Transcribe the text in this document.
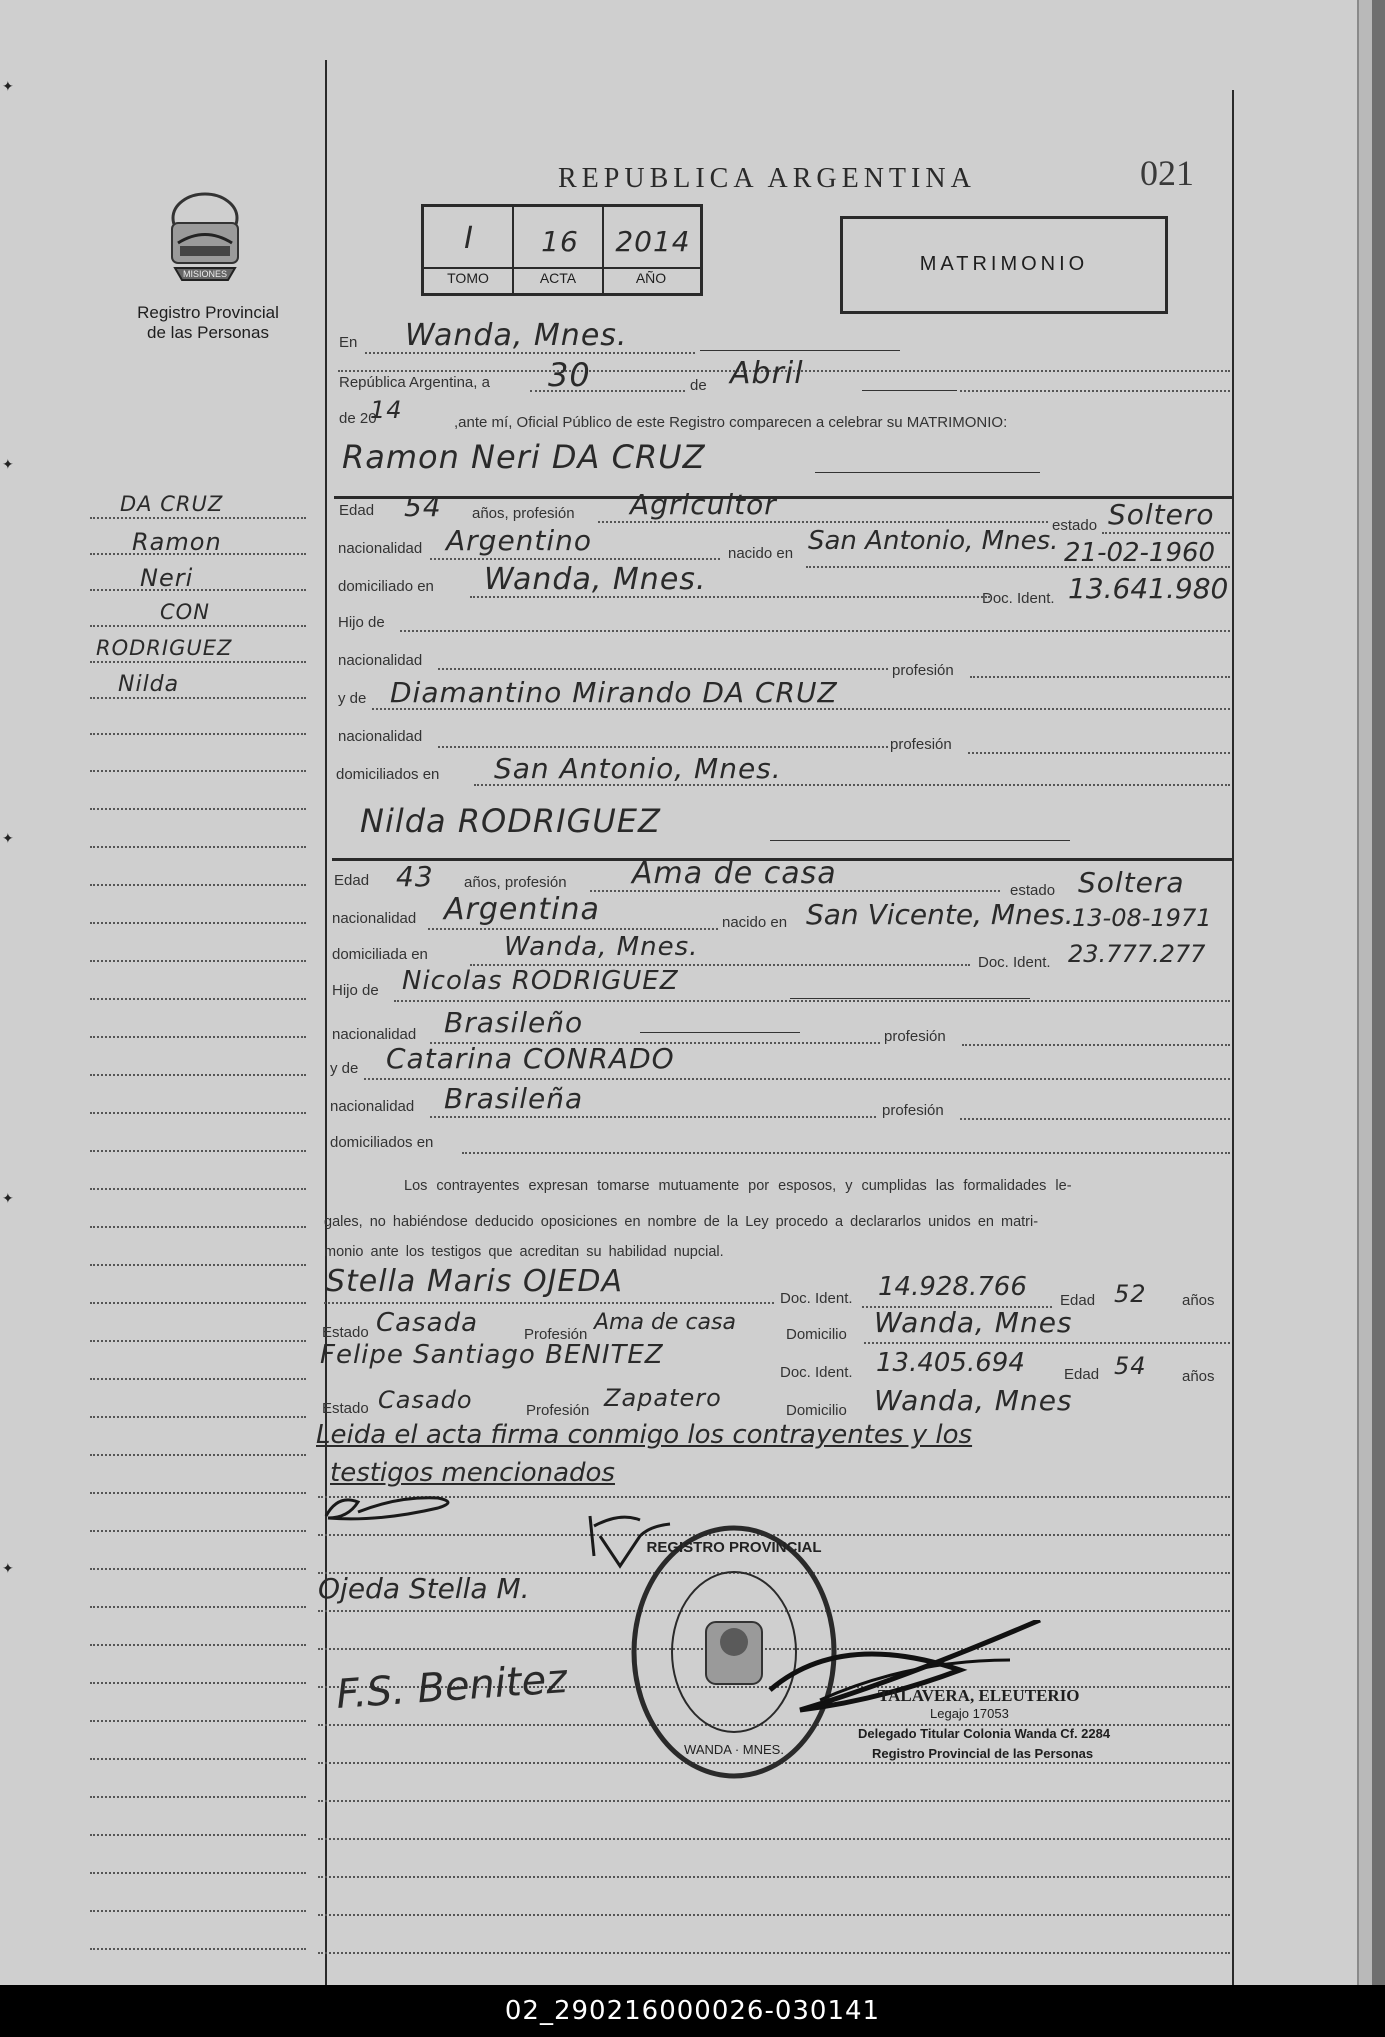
✦
✦
✦
✦
✦
MISIONES
Registro Provincial
de las Personas
REPUBLICA ARGENTINA	021
I	16	2014
TOMO	ACTA	AÑO
MATRIMONIO
DA CRUZ
Ramon
Neri
CON
RODRIGUEZ
Nilda
En Wanda, Mnes.
República Argentina, a 30	de Abril
de 20
14	,ante mí, Oficial Público de este Registro comparecen a celebrar su MATRIMONIO:
Ramon Neri DA CRUZ
Edad 54 años, profesión Agricultor
estado Soltero
nacionalidad Argentino	nacido en San Antonio, Mnes. 21-02-1960
domiciliado en Wanda, Mnes.
Doc. Ident. 13.641.980
Hijo de
nacionalidad
profesión
y de Diamantino Mirando DA CRUZ
nacionalidad	profesión
domiciliados en San Antonio, Mnes.
Nilda RODRIGUEZ
Edad 43 años, profesión Ama de casa	estado Soltera
nacionalidad Argentina	nacido en San Vicente, Mnes.
13-08-1971
domiciliada en	Wanda, Mnes.
Doc. Ident. 23.777.277
Hijo de Nicolas RODRIGUEZ
nacionalidad Brasileño	profesión
y de Catarina CONRADO
nacionalidad Brasileña	profesión
domiciliados en
Los contrayentes expresan tomarse mutuamente por esposos, y cumplidas las formalidades le-
gales, no habiéndose deducido oposiciones en nombre de la Ley procedo a declararlos unidos en matri-
monio ante los testigos que acreditan su habilidad nupcial.
Stella Maris OJEDA	Doc. Ident. 14.928.766 Edad 52 años
Estado Casada	Profesión Ama de casa	Domicilio Wanda, Mnes
Felipe Santiago BENITEZ
Doc. Ident. 13.405.694	Edad 54 años
Estado Casado	Profesión Zapatero	Domicilio Wanda, Mnes
Leida el acta firma conmigo los contrayentes y los
testigos mencionados
Ojeda Stella M.
F.S. Benitez
REGISTRO PROVINCIAL
WANDA · MNES.
TALAVERA, ELEUTERIO
Legajo 17053
Delegado Titular Colonia Wanda Cf. 2284
Registro Provincial de las Personas
02_290216000026-030141
